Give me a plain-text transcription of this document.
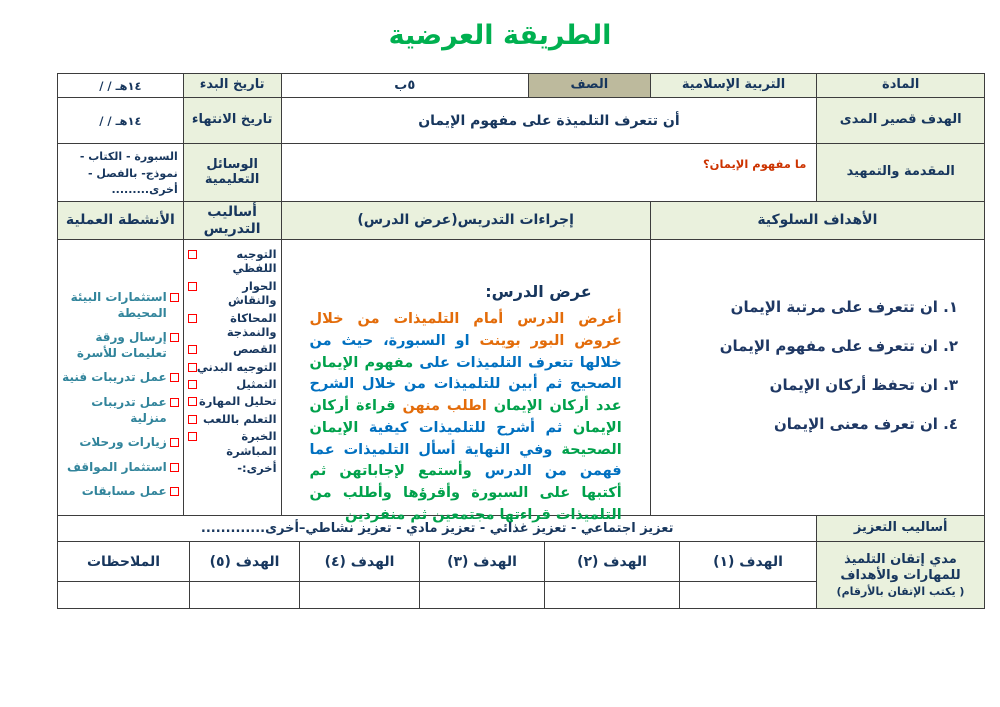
الطريقة العرضية
المادة
التربية الإسلامية
الصف
٥ب
تاريخ البدء
١٤هـ / /
الهدف قصير المدى
أن تتعرف التلميذة على مفهوم الإيمان
تاريخ الانتهاء
١٤هـ / /
المقدمة والتمهيد
ما مفهوم الإيمان؟
الوسائل التعليمية
السبورة - الكتاب - نموذج- بالفصل - أخرى.........
الأهداف السلوكية
إجراءات التدريس(عرض الدرس)
أساليب التدريس
الأنشطة العملية
١. ان تتعرف على مرتبة الإيمان
٢. ان تتعرف على مفهوم الإيمان
٣. ان تحفظ أركان الإيمان
٤. ان تعرف معنى الإيمان
عرض الدرس:

أعرض الدرس أمام التلميذات من خلال عروض البور بوينت او السبورة، حيث من خلالها تتعرف التلميذات على مفهوم الإيمان الصحيح ثم أبين للتلميذات من خلال الشرح عدد أركان الإيمان اطلب منهن قراءة أركان الإيمان ثم أشرح للتلميذات كيفية الإيمان الصحيحة وفي النهاية أسأل التلميذات عما فهمن من الدرس وأستمع لإجاباتهن ثم أكتبها على السبورة وأقرؤها وأطلب من التلميذات قراءتها مجتمعين ثم منفردين

التوجيه اللفظي
الحوار والنقاش
المحاكاة والنمذجة
القصص
التوجيه البدني
التمثيل
تحليل المهارة
التعلم باللعب
الخبرة المباشرة
أخرى:-
استثمارات البيئة المحيطة
إرسال ورقة تعليمات للأسرة
عمل تدريبات فنية
عمل تدريبات منزلية
زيارات ورحلات
استثمار المواقف
عمل مسابقات
أساليب التعزيز
تعزيز اجتماعي - تعزيز غذائي - تعزيز مادي - تعزيز نشاطي–أخرى.............
مدي إتقان التلميذ للمهارات والأهداف
( يكتب الإتقان بالأرقام)
الهدف (١)
الهدف (٢)
الهدف (٣)
الهدف (٤)
الهدف (٥)
الملاحظات
